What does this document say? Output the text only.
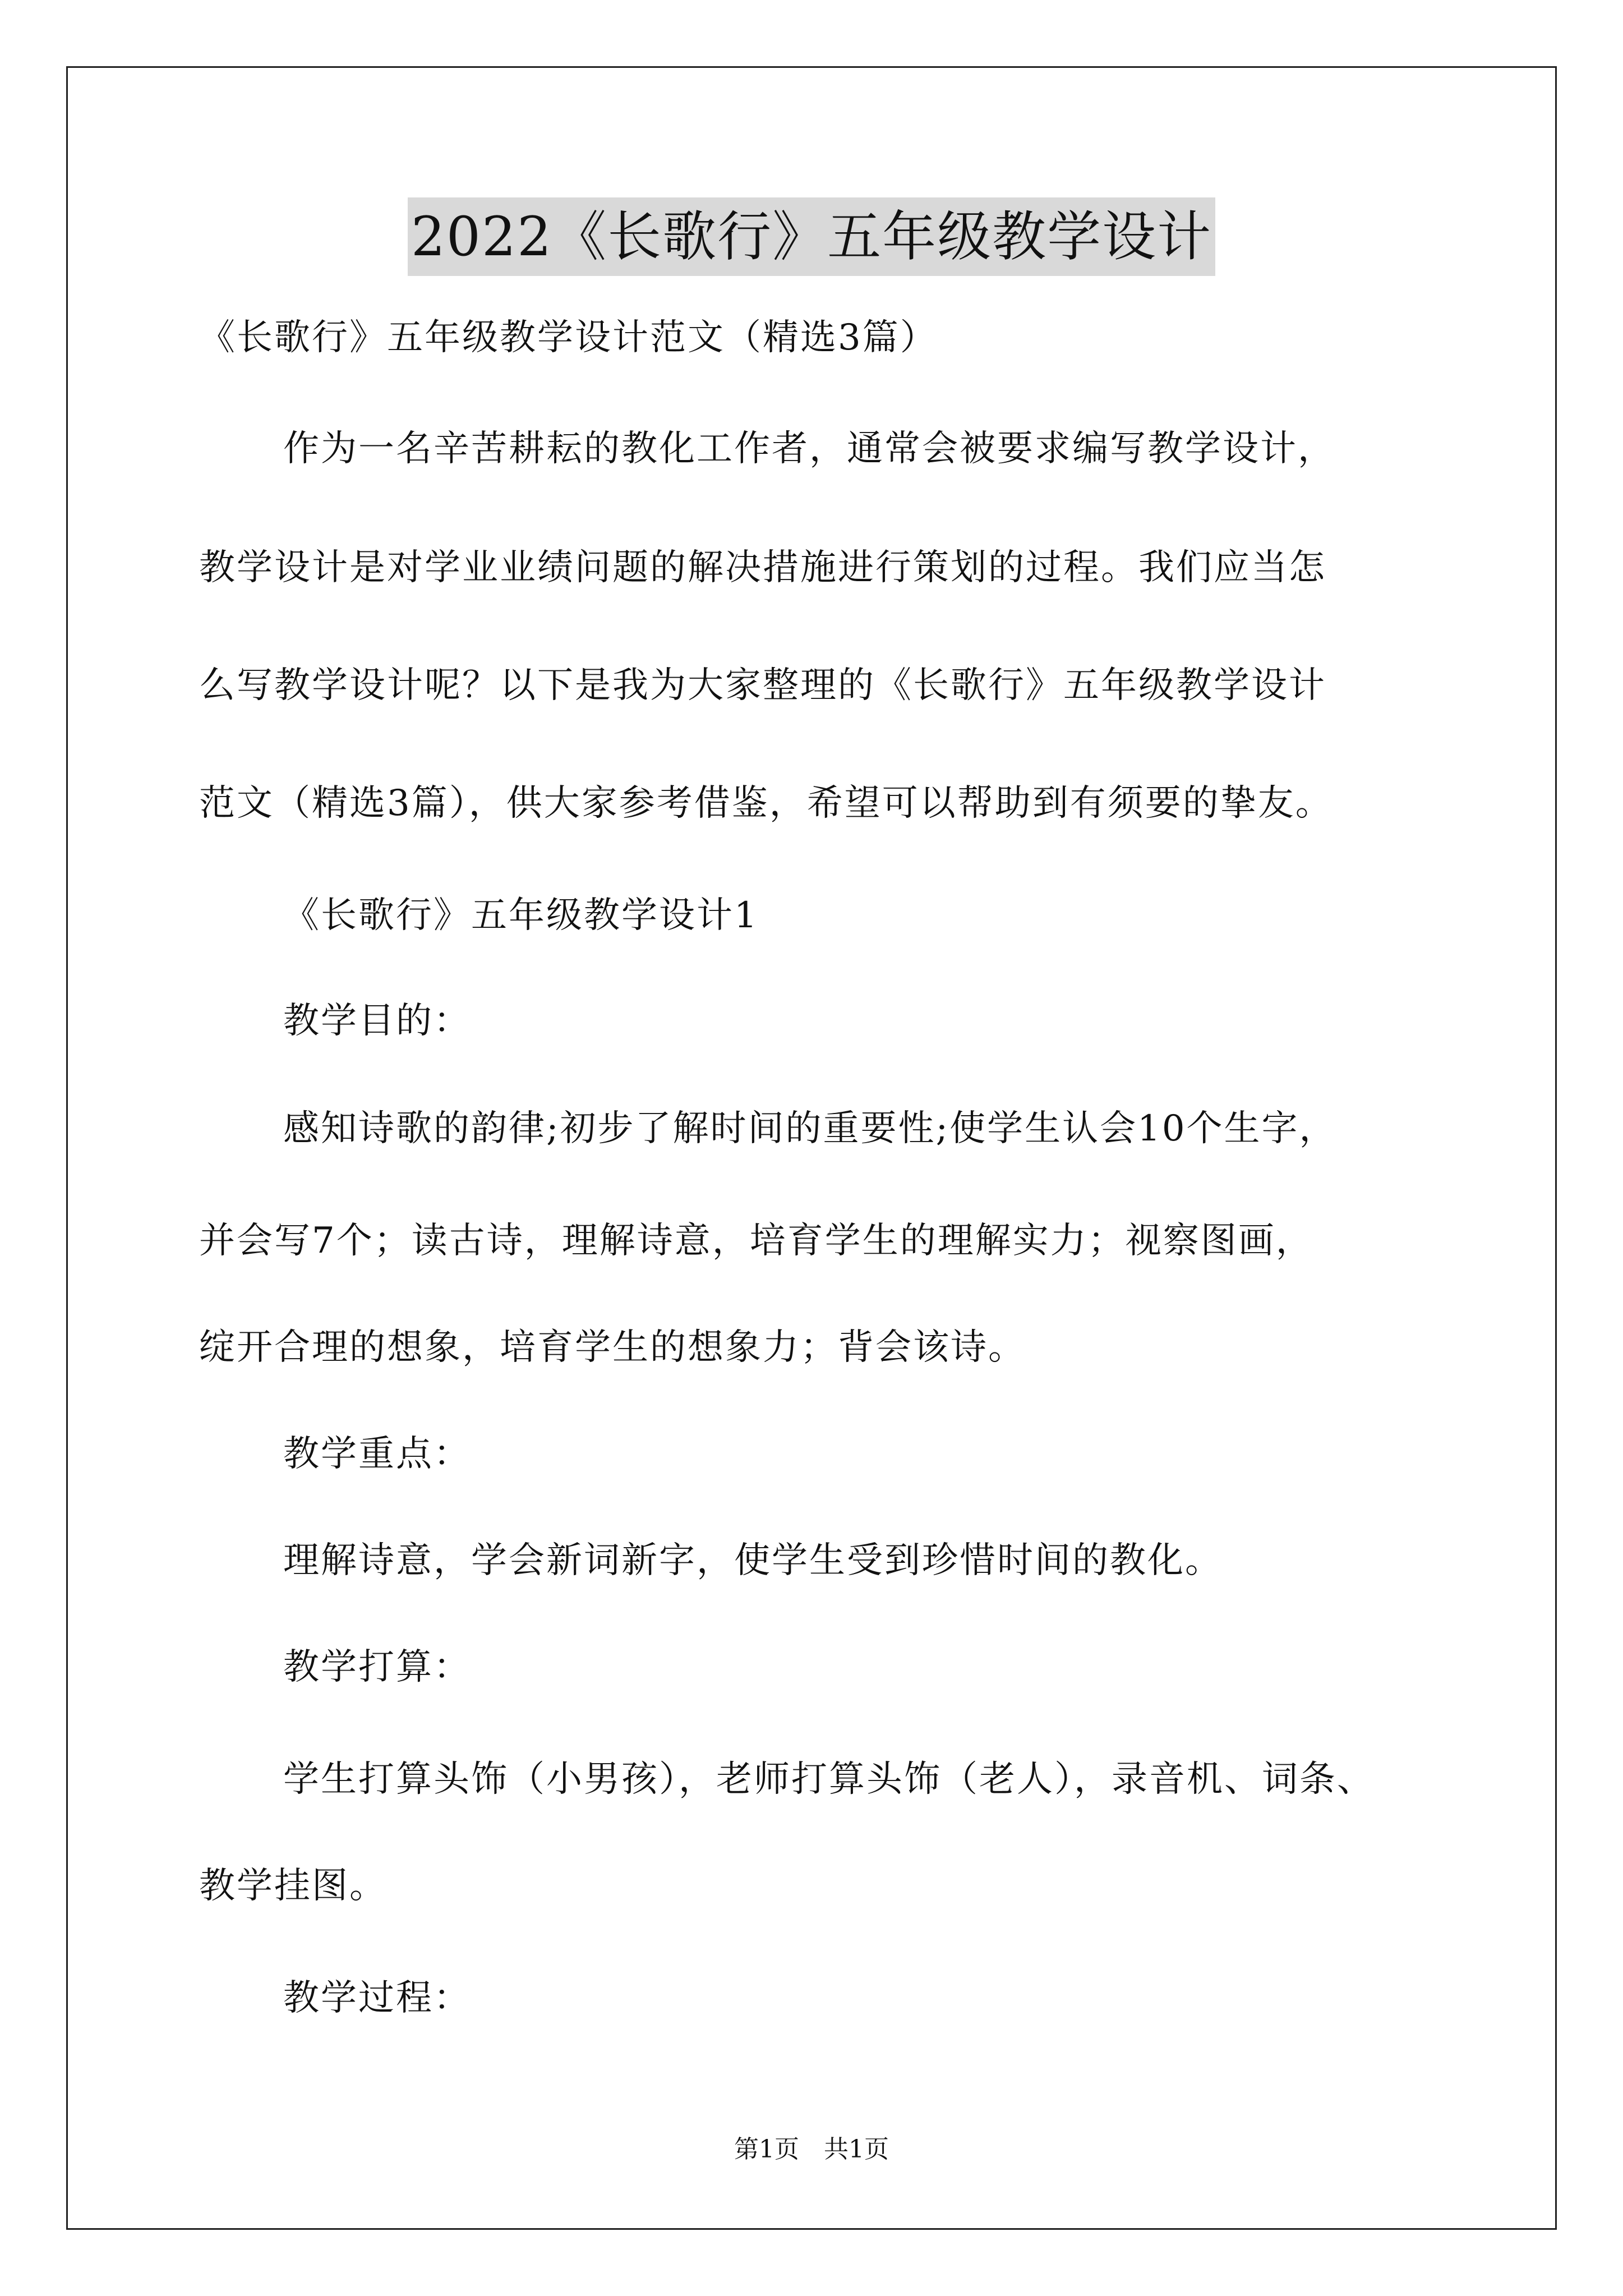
2022《长歌行》五年级教学设计
《长歌行》五年级教学设计范文（精选3篇）
作为一名辛苦耕耘的教化工作者，通常会被要求编写教学设计，
教学设计是对学业业绩问题的解决措施进行策划的过程。我们应当怎
么写教学设计呢？以下是我为大家整理的《长歌行》五年级教学设计
范文（精选3篇），供大家参考借鉴，希望可以帮助到有须要的挚友。
《长歌行》五年级教学设计1
教学目的：
感知诗歌的韵律;初步了解时间的重要性;使学生认会10个生字，
并会写7个；读古诗，理解诗意，培育学生的理解实力；视察图画，
绽开合理的想象，培育学生的想象力；背会该诗。
教学重点：
理解诗意，学会新词新字，使学生受到珍惜时间的教化。
教学打算：
学生打算头饰（小男孩），老师打算头饰（老人），录音机、词条、
教学挂图。
教学过程：
第1页　共1页
